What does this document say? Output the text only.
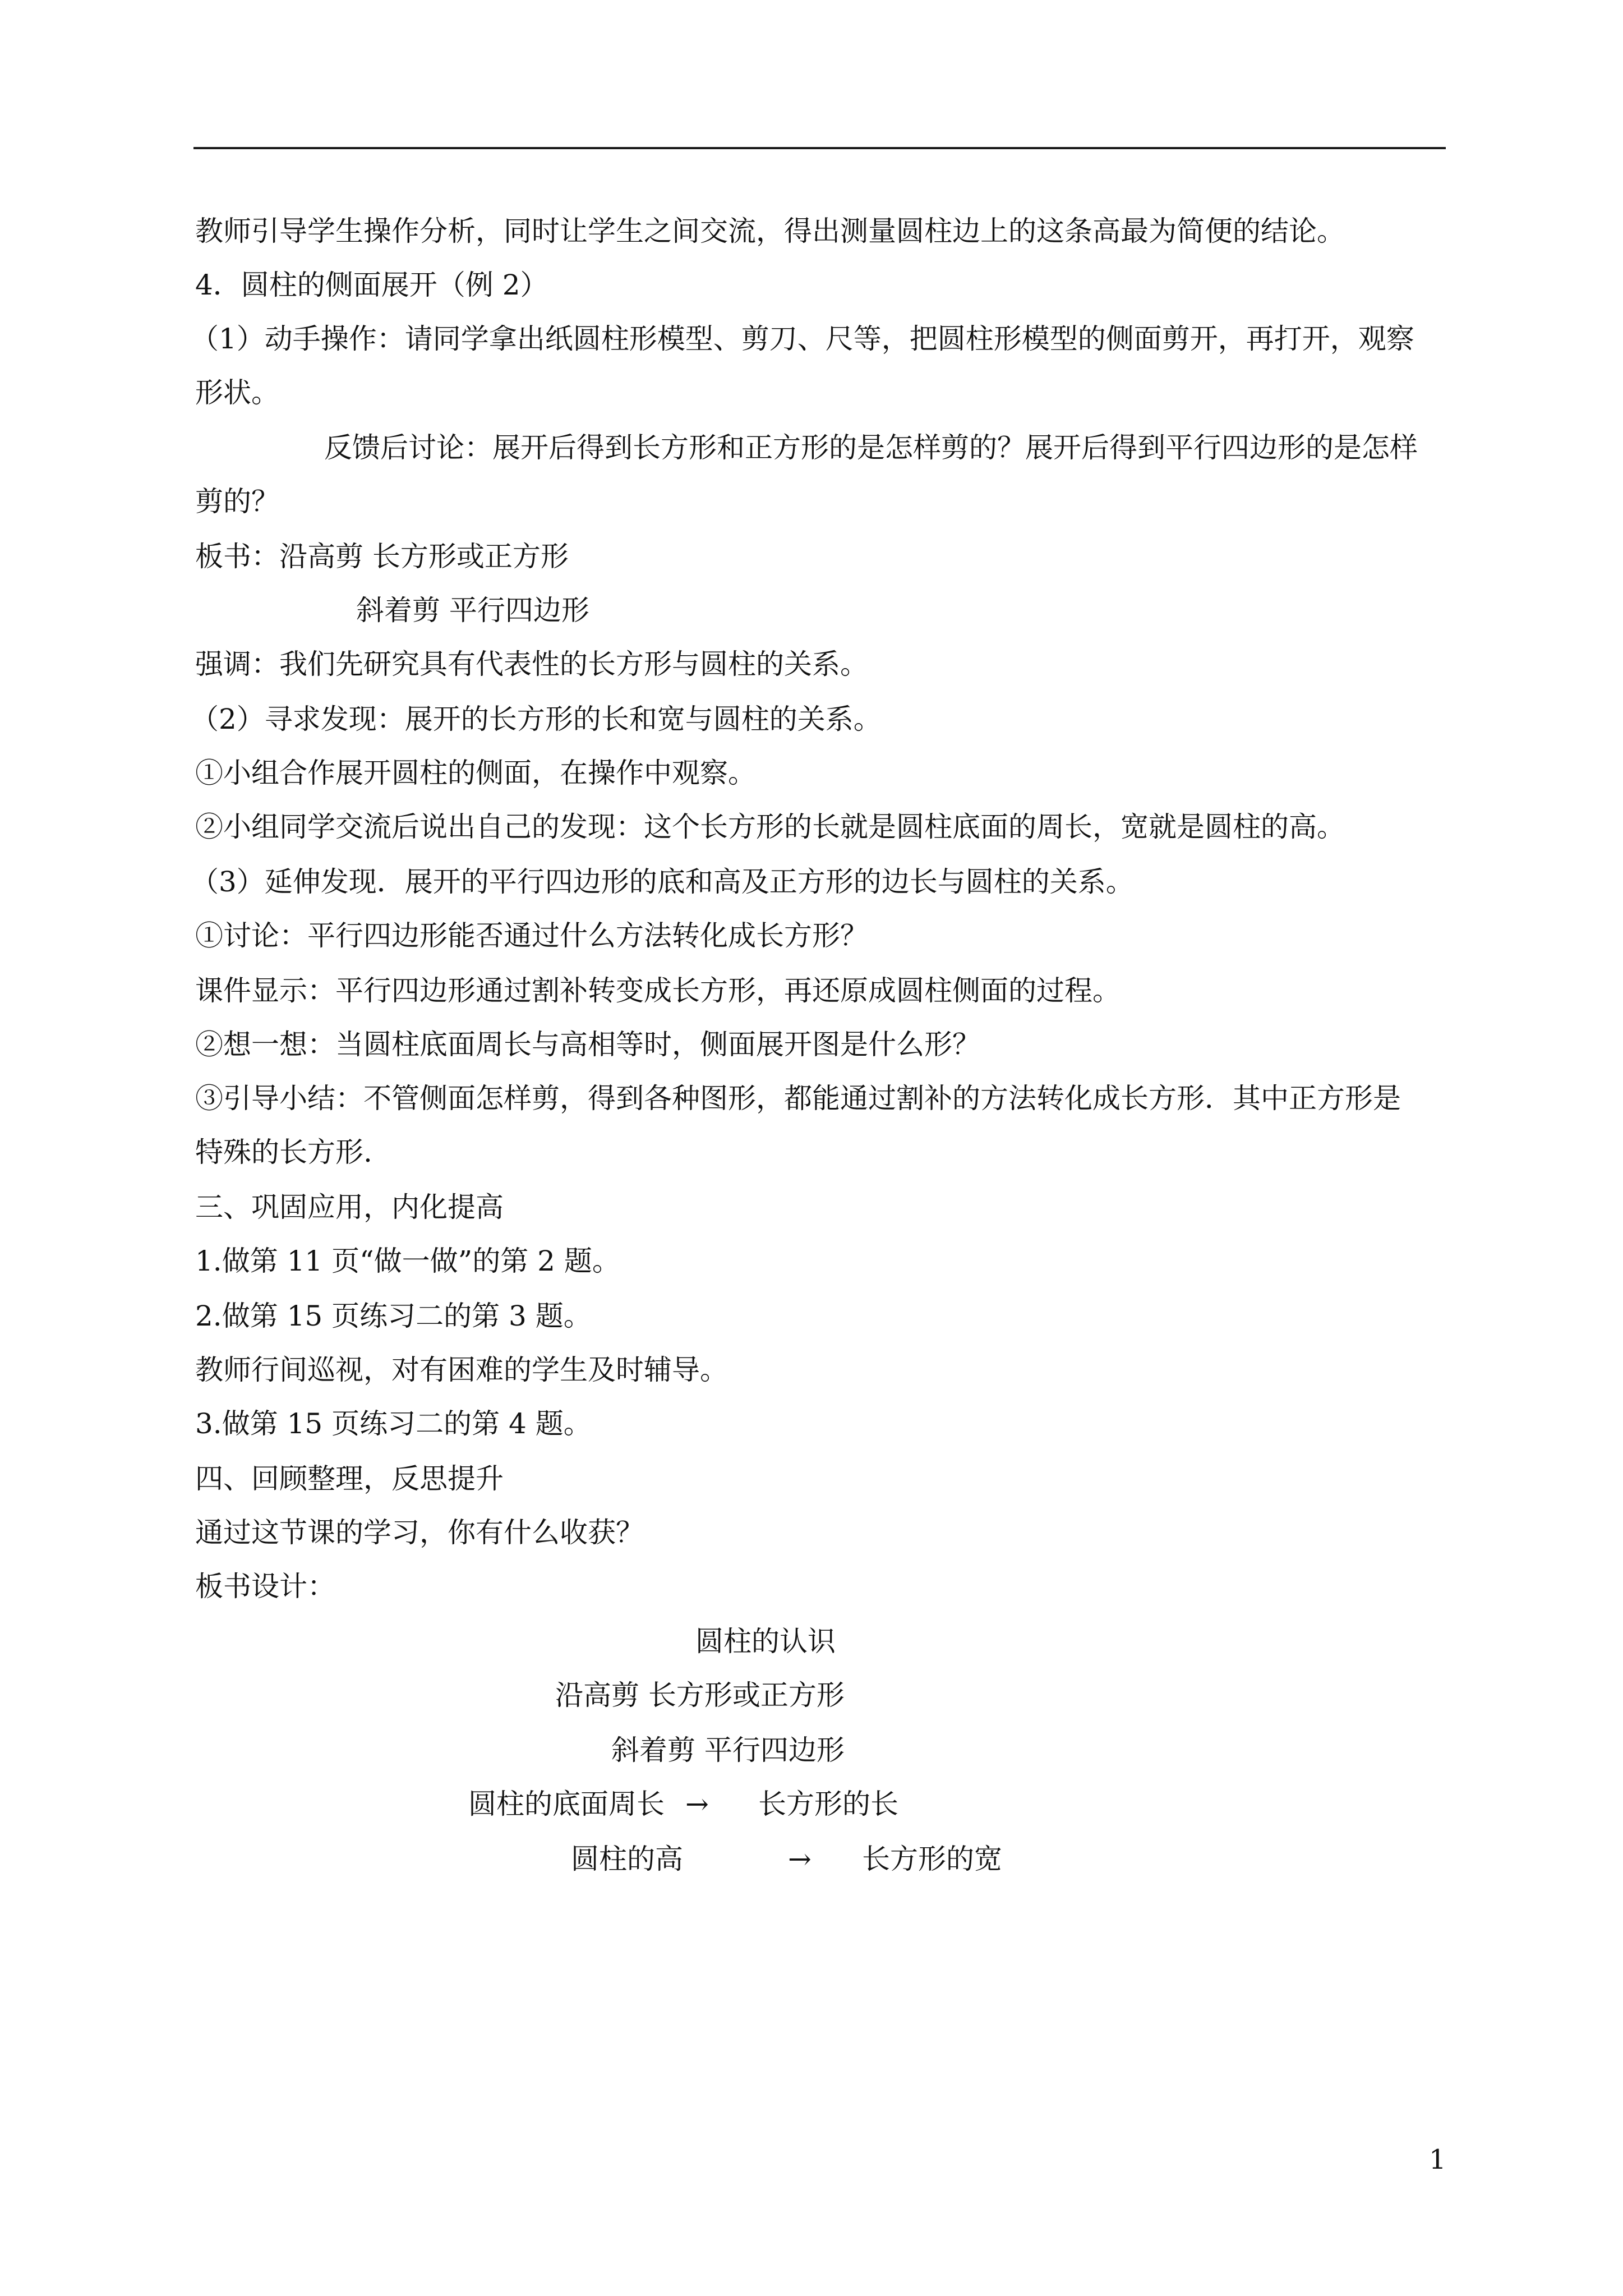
教师引导学生操作分析，同时让学生之间交流，得出测量圆柱边上的这条高最为简便的结论。
4．圆柱的侧面展开（例 2）
（1）动手操作：请同学拿出纸圆柱形模型、剪刀、尺等，把圆柱形模型的侧面剪开，再打开，观察
形状。
反馈后讨论：展开后得到长方形和正方形的是怎样剪的？展开后得到平行四边形的是怎样
剪的？
板书：沿高剪 长方形或正方形
斜着剪 平行四边形
强调：我们先研究具有代表性的长方形与圆柱的关系。
（2）寻求发现：展开的长方形的长和宽与圆柱的关系。
①小组合作展开圆柱的侧面，在操作中观察。
②小组同学交流后说出自己的发现：这个长方形的长就是圆柱底面的周长，宽就是圆柱的高。
（3）延伸发现．展开的平行四边形的底和高及正方形的边长与圆柱的关系。
①讨论：平行四边形能否通过什么方法转化成长方形？
课件显示：平行四边形通过割补转变成长方形，再还原成圆柱侧面的过程。
②想一想：当圆柱底面周长与高相等时，侧面展开图是什么形？
③引导小结：不管侧面怎样剪，得到各种图形，都能通过割补的方法转化成长方形．其中正方形是
特殊的长方形.
三、巩固应用，内化提高
1.做第 11 页“做一做”的第 2 题。
2.做第 15 页练习二的第 3 题。
教师行间巡视，对有困难的学生及时辅导。
3.做第 15 页练习二的第 4 题。
四、回顾整理，反思提升
通过这节课的学习，你有什么收获？
板书设计：
圆柱的认识
沿高剪 长方形或正方形
斜着剪 平行四边形
圆柱的底面周长 → 长方形的长
圆柱的高	→ 长方形的宽
1
